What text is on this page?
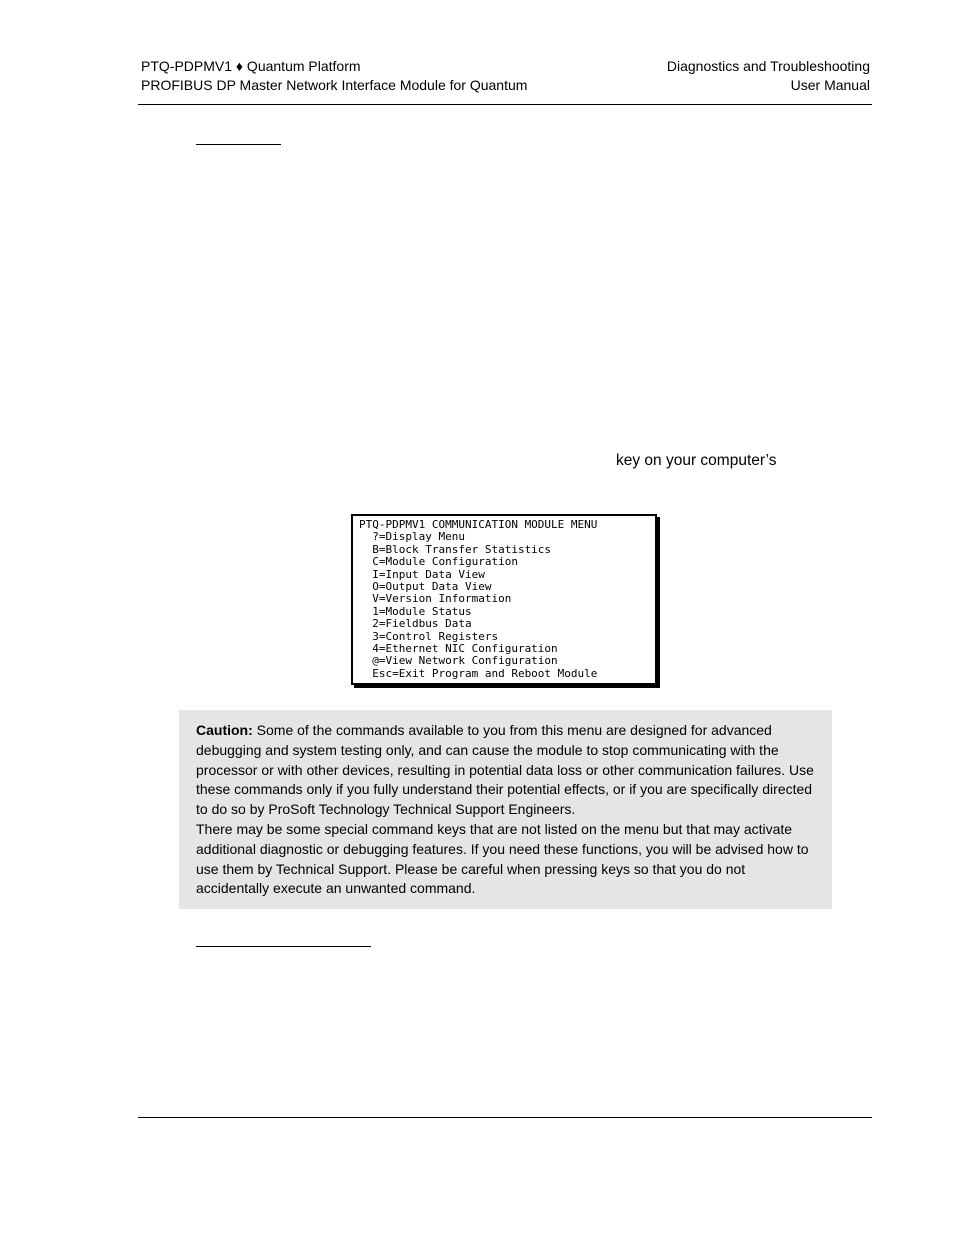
PTQ-PDPMV1 ♦ Quantum Platform
PROFIBUS DP Master Network Interface Module for Quantum
Diagnostics and Troubleshooting
User Manual
key on your computer’s
PTQ-PDPMV1 COMMUNICATION MODULE MENU
?=Display Menu
B=Block Transfer Statistics
C=Module Configuration
I=Input Data View
O=Output Data View
V=Version Information
1=Module Status
2=Fieldbus Data
3=Control Registers
4=Ethernet NIC Configuration
@=View Network Configuration
Esc=Exit Program and Reboot Module

Caution: Some of the commands available to you from this menu are designed for advanced debugging and system testing only, and can cause the module to stop communicating with the processor or with other devices, resulting in potential data loss or other communication failures. Use these commands only if you fully understand their potential effects, or if you are specifically directed to do so by ProSoft Technology Technical Support Engineers.

There may be some special command keys that are not listed on the menu but that may activate additional diagnostic or debugging features. If you need these functions, you will be advised how to use them by Technical Support. Please be careful when pressing keys so that you do not accidentally execute an unwanted command.
